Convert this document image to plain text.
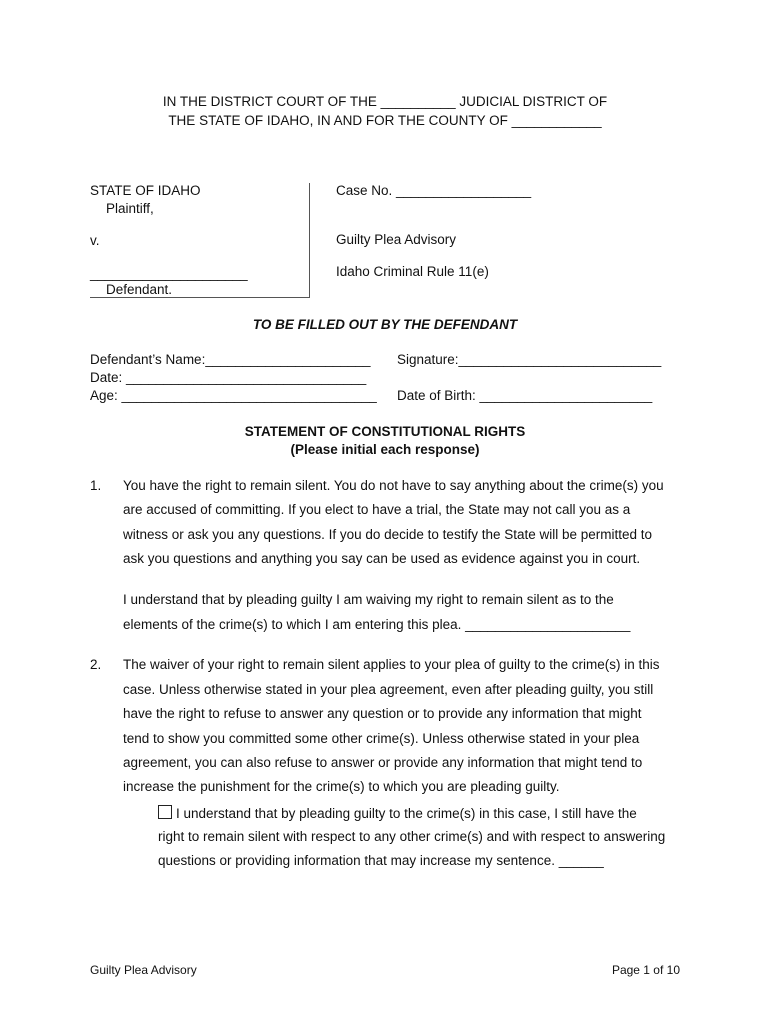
IN THE DISTRICT COURT OF THE __________ JUDICIAL DISTRICT OF
THE STATE OF IDAHO, IN AND FOR THE COUNTY OF ____________
STATE OF IDAHO
Plaintiff,
v.
_____________________
Defendant.
Case No. __________________
Guilty Plea Advisory
Idaho Criminal Rule 11(e)
TO BE FILLED OUT BY THE DEFENDANT
Defendant’s Name:______________________ Signature:___________________________
Date: ________________________________
Age: __________________________________ Date of Birth: _______________________
STATEMENT OF CONSTITUTIONAL RIGHTS
(Please initial each response)
1. You have the right to remain silent. You do not have to say anything about the crime(s) you
are accused of committing. If you elect to have a trial, the State may not call you as a
witness or ask you any questions. If you do decide to testify the State will be permitted to
ask you questions and anything you say can be used as evidence against you in court.
I understand that by pleading guilty I am waiving my right to remain silent as to the
elements of the crime(s) to which I am entering this plea. ______________________
2. The waiver of your right to remain silent applies to your plea of guilty to the crime(s) in this
case. Unless otherwise stated in your plea agreement, even after pleading guilty, you still
have the right to refuse to answer any question or to provide any information that might
tend to show you committed some other crime(s). Unless otherwise stated in your plea
agreement, you can also refuse to answer or provide any information that might tend to
increase the punishment for the crime(s) to which you are pleading guilty.
I understand that by pleading guilty to the crime(s) in this case, I still have the
right to remain silent with respect to any other crime(s) and with respect to answering
questions or providing information that may increase my sentence. ______
Guilty Plea Advisory	Page 1 of 10
